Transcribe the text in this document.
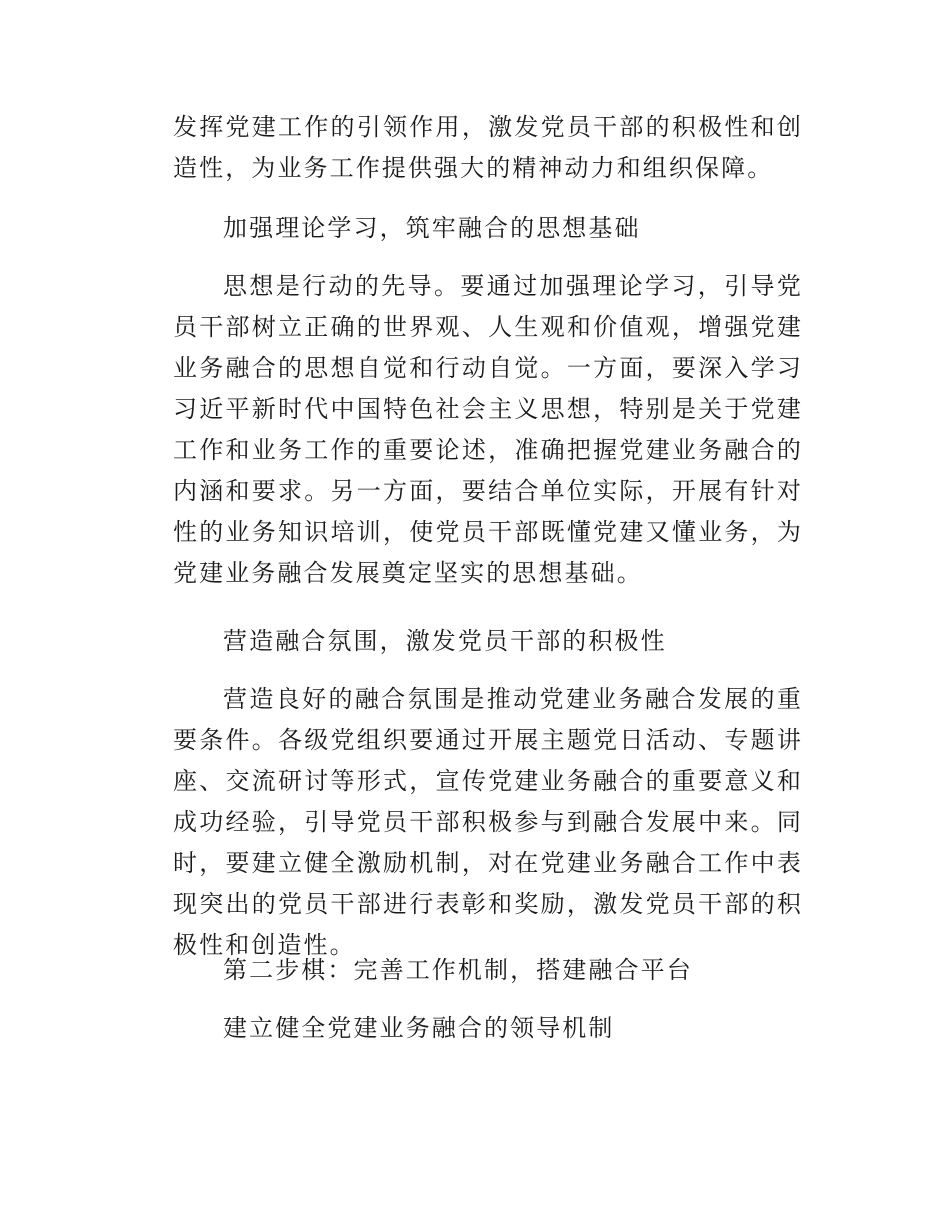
发挥党建工作的引领作用，激发党员干部的积极性和创造性，为业务工作提供强大的精神动力和组织保障。

加强理论学习，筑牢融合的思想基础

思想是行动的先导。要通过加强理论学习，引导党员干部树立正确的世界观、人生观和价值观，增强党建业务融合的思想自觉和行动自觉。一方面，要深入学习习近平新时代中国特色社会主义思想，特别是关于党建工作和业务工作的重要论述，准确把握党建业务融合的内涵和要求。另一方面，要结合单位实际，开展有针对性的业务知识培训，使党员干部既懂党建又懂业务，为党建业务融合发展奠定坚实的思想基础。

营造融合氛围，激发党员干部的积极性

营造良好的融合氛围是推动党建业务融合发展的重要条件。各级党组织要通过开展主题党日活动、专题讲座、交流研讨等形式，宣传党建业务融合的重要意义和成功经验，引导党员干部积极参与到融合发展中来。同时，要建立健全激励机制，对在党建业务融合工作中表现突出的党员干部进行表彰和奖励，激发党员干部的积极性和创造性。

第二步棋：完善工作机制，搭建融合平台

建立健全党建业务融合的领导机制
